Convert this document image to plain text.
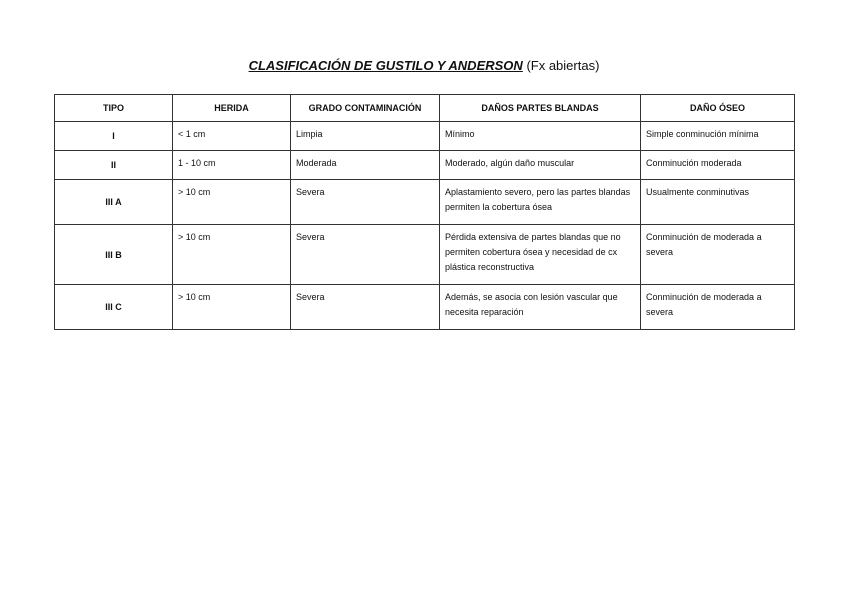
CLASIFICACIÓN DE GUSTILO Y ANDERSON (Fx abiertas)
TIPO	HERIDA	GRADO CONTAMINACIÓN	DAÑOS PARTES BLANDAS	DAÑO ÓSEO
I	< 1 cm	Limpia	Mínimo	Simple conminución mínima
II	1 - 10 cm	Moderada	Moderado, algún daño muscular	Conminución moderada
III A	> 10 cm	Severa	Aplastamiento severo, pero las partes blandas permiten la cobertura ósea	Usualmente conminutivas
III B	> 10 cm	Severa	Pérdida extensiva de partes blandas que no permiten cobertura ósea y necesidad de cx plástica reconstructiva	Conminución de moderada a severa
III C	> 10 cm	Severa	Además, se asocia con lesión vascular que necesita reparación	Conminución de moderada a severa
